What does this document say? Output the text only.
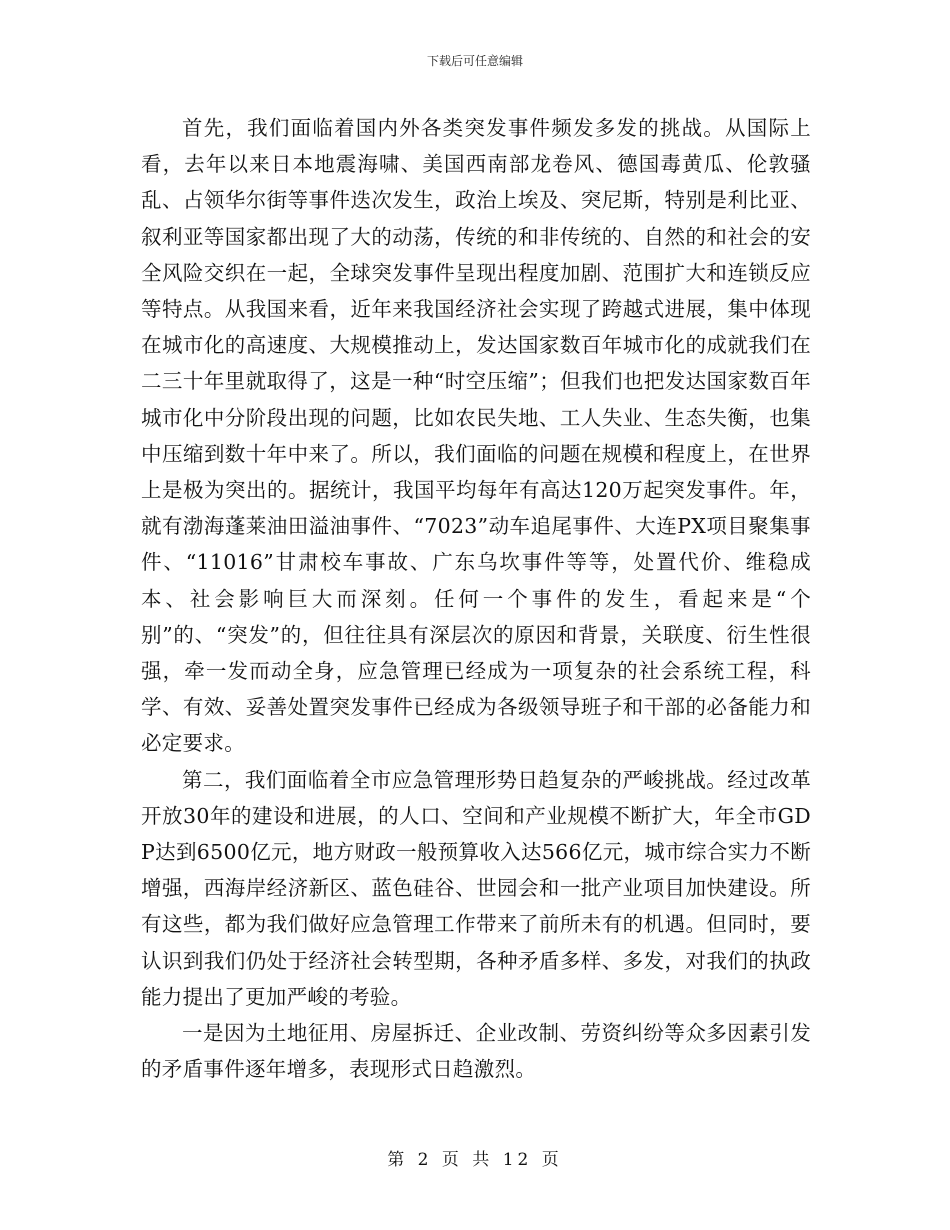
下载后可任意编辑

首先，我们面临着国内外各类突发事件频发多发的挑战。从国际上看，去年以来日本地震海啸、美国西南部龙卷风、德国毒黄瓜、伦敦骚乱、占领华尔街等事件迭次发生，政治上埃及、突尼斯，特别是利比亚、叙利亚等国家都出现了大的动荡，传统的和非传统的、自然的和社会的安全风险交织在一起，全球突发事件呈现出程度加剧、范围扩大和连锁反应等特点。从我国来看，近年来我国经济社会实现了跨越式进展，集中体现在城市化的高速度、大规模推动上，发达国家数百年城市化的成就我们在二三十年里就取得了，这是一种“时空压缩”；但我们也把发达国家数百年城市化中分阶段出现的问题，比如农民失地、工人失业、生态失衡，也集中压缩到数十年中来了。所以，我们面临的问题在规模和程度上，在世界上是极为突出的。据统计，我国平均每年有高达120万起突发事件。年，就有渤海蓬莱油田溢油事件、“7023”动车追尾事件、大连PX项目聚集事件、“11016”甘肃校车事故、广东乌坎事件等等，处置代价、维稳成本、社会影响巨大而深刻。任何一个事件的发生，看起来是“个别”的、“突发”的，但往往具有深层次的原因和背景，关联度、衍生性很强，牵一发而动全身，应急管理已经成为一项复杂的社会系统工程，科学、有效、妥善处置突发事件已经成为各级领导班子和干部的必备能力和必定要求。

第二，我们面临着全市应急管理形势日趋复杂的严峻挑战。经过改革开放30年的建设和进展，的人口、空间和产业规模不断扩大，年全市GDP达到6500亿元，地方财政一般预算收入达566亿元，城市综合实力不断增强，西海岸经济新区、蓝色硅谷、世园会和一批产业项目加快建设。所有这些，都为我们做好应急管理工作带来了前所未有的机遇。但同时，要认识到我们仍处于经济社会转型期，各种矛盾多样、多发，对我们的执政能力提出了更加严峻的考验。

一是因为土地征用、房屋拆迁、企业改制、劳资纠纷等众多因素引发的矛盾事件逐年增多，表现形式日趋激烈。

第 2 页 共 12 页
